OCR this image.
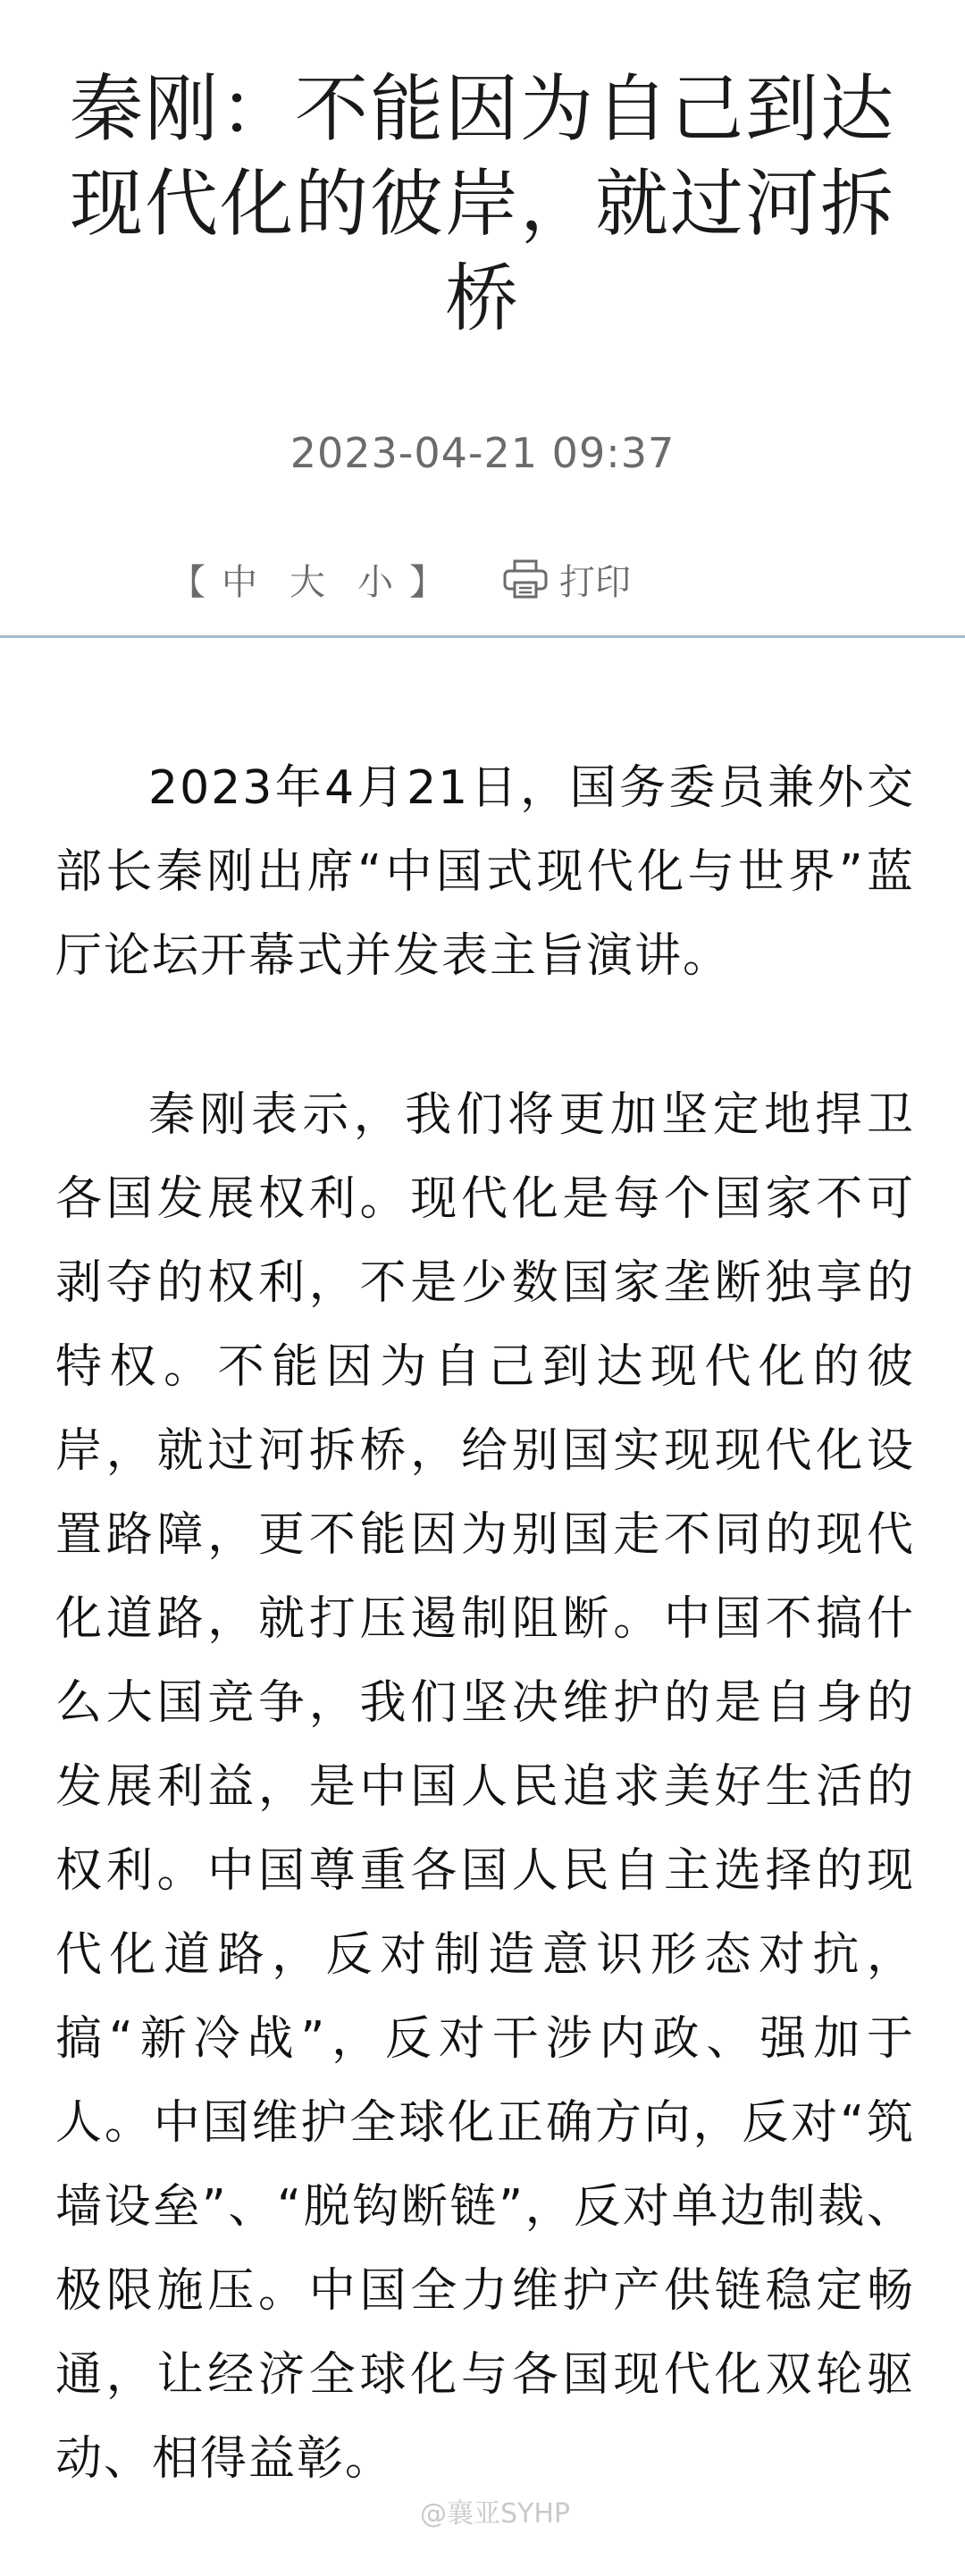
秦刚：不能因为自己到达现代化的彼岸，就过河拆桥
2023-04-21 09:37
【 中 大 小 】	打印

2023年4月21日，国务委员兼外交部长秦刚出席“中国式现代化与世界”蓝厅论坛开幕式并发表主旨演讲。

秦刚表示，我们将更加坚定地捍卫各国发展权利。现代化是每个国家不可剥夺的权利，不是少数国家垄断独享的特权。不能因为自己到达现代化的彼岸，就过河拆桥，给别国实现现代化设置路障，更不能因为别国走不同的现代化道路，就打压遏制阻断。中国不搞什么大国竞争，我们坚决维护的是自身的发展利益，是中国人民追求美好生活的权利。中国尊重各国人民自主选择的现代化道路，反对制造意识形态对抗，搞“新冷战”，反对干涉内政、强加于人。中国维护全球化正确方向，反对“筑墙设垒”、“脱钩断链”，反对单边制裁、极限施压。中国全力维护产供链稳定畅通，让经济全球化与各国现代化双轮驱动、相得益彰。

@襄亚SYHP
